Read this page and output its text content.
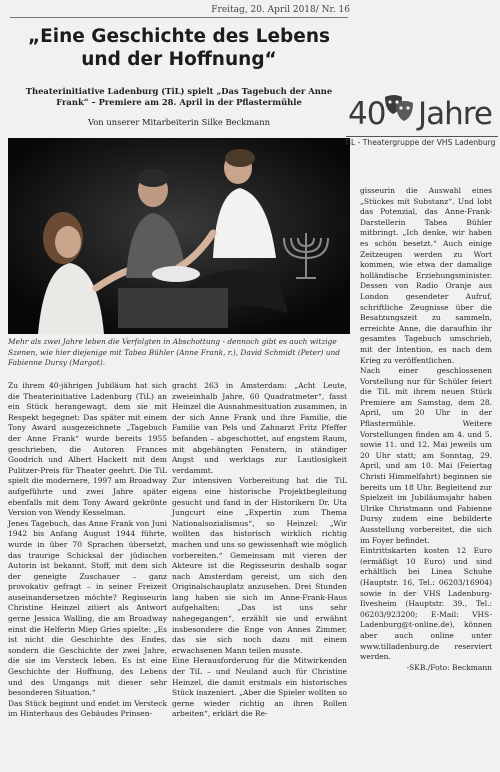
Freitag, 20. April 2018/ Nr. 16
„Eine Geschichte des Lebens und der Hoffnung“
Theaterinitiative Ladenburg (TiL) spielt „Das Tagebuch der Anne Frank“ – Premiere am 28. April in der Pflastermühle
Von unserer Mitarbeiterin Silke Beckmann
Mehr als zwei Jahre leben die Verfolgten in Abschottung - dennoch gibt es auch witzige Szenen, wie hier diejenige mit Tabea Bühler (Anne Frank, r.), David Schmidt (Peter) und Fabienne Dursy (Margot).

Zu ihrem 40-jährigen Jubiläum hat sich die Theaterinitiative Ladenburg (TiL) an ein Stück herangewagt, dem sie mit Respekt begegnet: Das später mit einem Tony Award ausgezeichnete „Tagebuch der Anne Frank“ wurde bereits 1955 geschrieben, die Autoren Frances Goodrich und Albert Hackett mit dem Pulitzer-Preis für Theater geehrt. Die TiL spielt die modernere, 1997 am Broadway aufgeführte und zwei Jahre später ebenfalls mit dem Tony Award gekrönte Version von Wendy Kesselman.

Jenes Tagebuch, das Anne Frank von Juni 1942 bis Anfang August 1944 führte, wurde in über 70 Sprachen übersetzt, das traurige Schicksal der jüdischen Autorin ist bekannt. Stoff, mit dem sich der geneigte Zuschauer – ganz provokativ gefragt – in seiner Freizeit auseinandersetzen möchte? Regisseurin Christine Heinzel zitiert als Antwort gerne Jessica Walling, die am Broadway einst die Helferin Miep Gries spielte: „Es ist nicht die Geschichte des Endes, sondern die Geschichte der zwei Jahre, die sie im Versteck leben. Es ist eine Geschichte der Hoffnung, des Lebens und des Umgangs mit dieser sehr besonderen Situation.“

Das Stück beginnt und endet im Versteck im Hinterhaus des Gebäudes Prinsen-

gracht 263 in Amsterdam: „Acht Leute, zweieinhalb Jahre, 60 Quadratmeter“, fasst Heinzel die Ausnahmesituation zusammen, in der sich Anne Frank und ihre Familie, die Familie van Pels und Zahnarzt Fritz Pfeffer befanden – abgeschottet, auf engstem Raum, mit abgehängten Fenstern, in ständiger Angst und werktags zur Lautlosigkeit verdammt.

Zur intensiven Vorbereitung hat die TiL eigens eine historische Projektbegleitung gesucht und fand in der Historikern Dr. Uta Jungcurt eine „Expertin zum Thema Nationalsozialismus“, so Heinzel: „Wir wollten das historisch wirklich richtig machen und uns so gewissenhaft wie möglich vorbereiten.“ Gemeinsam mit vieren der Akteure ist die Regisseurin deshalb sogar nach Amsterdam gereist, um sich den Originalschauplatz anzusehen. Drei Stunden lang haben sie sich im Anne-Frank-Haus aufgehalten: „Das ist uns sehr nahegegangen“, erzählt sie und erwähnt insbesondere die Enge von Annes Zimmer, das sie sich noch dazu mit einem erwachsenen Mann teilen musste.

Eine Herausforderung für die Mitwirkenden der TiL – und Neuland auch für Christine Heinzel, die damit erstmals ein historisches Stück inszeniert. „Aber die Spieler wollten so gerne wieder richtig an ihren Rollen arbeiten“, erklärt die Re-

40 Jahre
TiL - Theatergruppe der VHS Ladenburg

gisseurin die Auswahl eines „Stückes mit Substanz“. Und lobt das Potenzial, das Anne-Frank-Darstellerin Tabea Bühler mitbringt. „Ich denke, wir haben es schön besetzt.“ Auch einige Zeitzeugen werden zu Wort kommen, wie etwa der damalige holländische Erziehungsminister. Dessen von Radio Oranje aus London gesendeter Aufruf, schriftliche Zeugnisse über die Besatzungszeit zu sammeln, erreichte Anne, die daraufhin ihr gesamtes Tagebuch umschrieb, mit der Intention, es nach dem Krieg zu veröffentlichen.

Nach einer geschlossenen Vorstellung nur für Schüler feiert die TiL mit ihrem neuen Stück Premiere am Samstag, dem 28. April, um 20 Uhr in der Pflastermühle. Weitere Vorstellungen finden am 4. und 5. sowie 11. und 12. Mai jeweils um 20 Uhr statt; am Sonntag, 29. April, und am 10. Mai (Feiertag Christi Himmelfahrt) beginnen sie bereits um 18 Uhr. Begleitend zur Spielzeit im Jubiläumsjahr haben Ulrike Christmann und Fabienne Dursy zudem eine bebilderte Ausstellung vorbereitet, die sich im Foyer befindet.

Eintrittskarten kosten 12 Euro (ermäßigt 10 Euro) und sind erhältlich bei Linea Schuhe (Hauptstr. 16, Tel.: 06203/16904) sowie in der VHS Ladenburg-Ilvesheim (Hauptstr. 39., Tel.: 06203/923200; E-Mail: VHS-Ladenburg@t-online.de), können aber auch online unter www.tilladenburg.de reserviert werden.

-SKB./Foto: Beckmann
